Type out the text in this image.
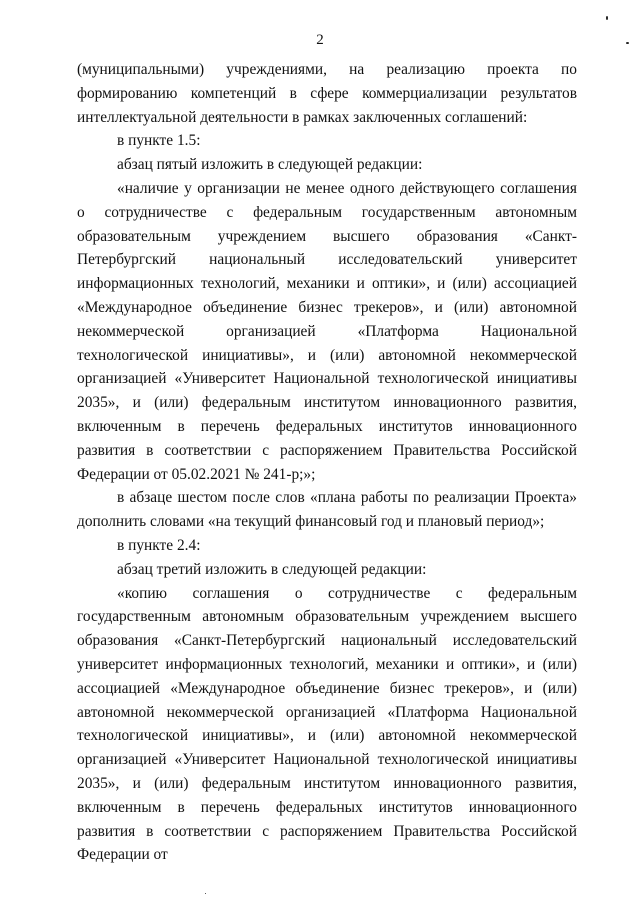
2

(муниципальными) учреждениями, на реализацию проекта по формированию компетенций в сфере коммерциализации результатов интеллектуальной деятельности в рамках заключенных соглашений:

в пункте 1.5:

абзац пятый изложить в следующей редакции:

«наличие у организации не менее одного действующего соглашения о сотрудничестве с федеральным государственным автономным образовательным учреждением высшего образования «Санкт-Петербургский национальный исследовательский университет информационных технологий, механики и оптики», и (или) ассоциацией «Международное объединение бизнес трекеров», и (или) автономной некоммерческой организацией «Платформа Национальной технологической инициативы», и (или) автономной некоммерческой организацией «Университет Национальной технологической инициативы 2035», и (или) федеральным институтом инновационного развития, включенным в перечень федеральных институтов инновационного развития в соответствии с распоряжением Правительства Российской Федерации от 05.02.2021 № 241-р;»;

в абзаце шестом после слов «плана работы по реализации Проекта» дополнить словами «на текущий финансовый год и плановый период»;

в пункте 2.4:

абзац третий изложить в следующей редакции:

«копию соглашения о сотрудничестве с федеральным государственным автономным образовательным учреждением высшего образования «Санкт-Петербургский национальный исследовательский университет информационных технологий, механики и оптики», и (или) ассоциацией «Международное объединение бизнес трекеров», и (или) автономной некоммерческой организацией «Платформа Национальной технологической инициативы», и (или) автономной некоммерческой организацией «Университет Национальной технологической инициативы 2035», и (или) федеральным институтом инновационного развития, включенным в перечень федеральных институтов инновационного развития в соответствии с распоряжением Правительства Российской Федерации от
